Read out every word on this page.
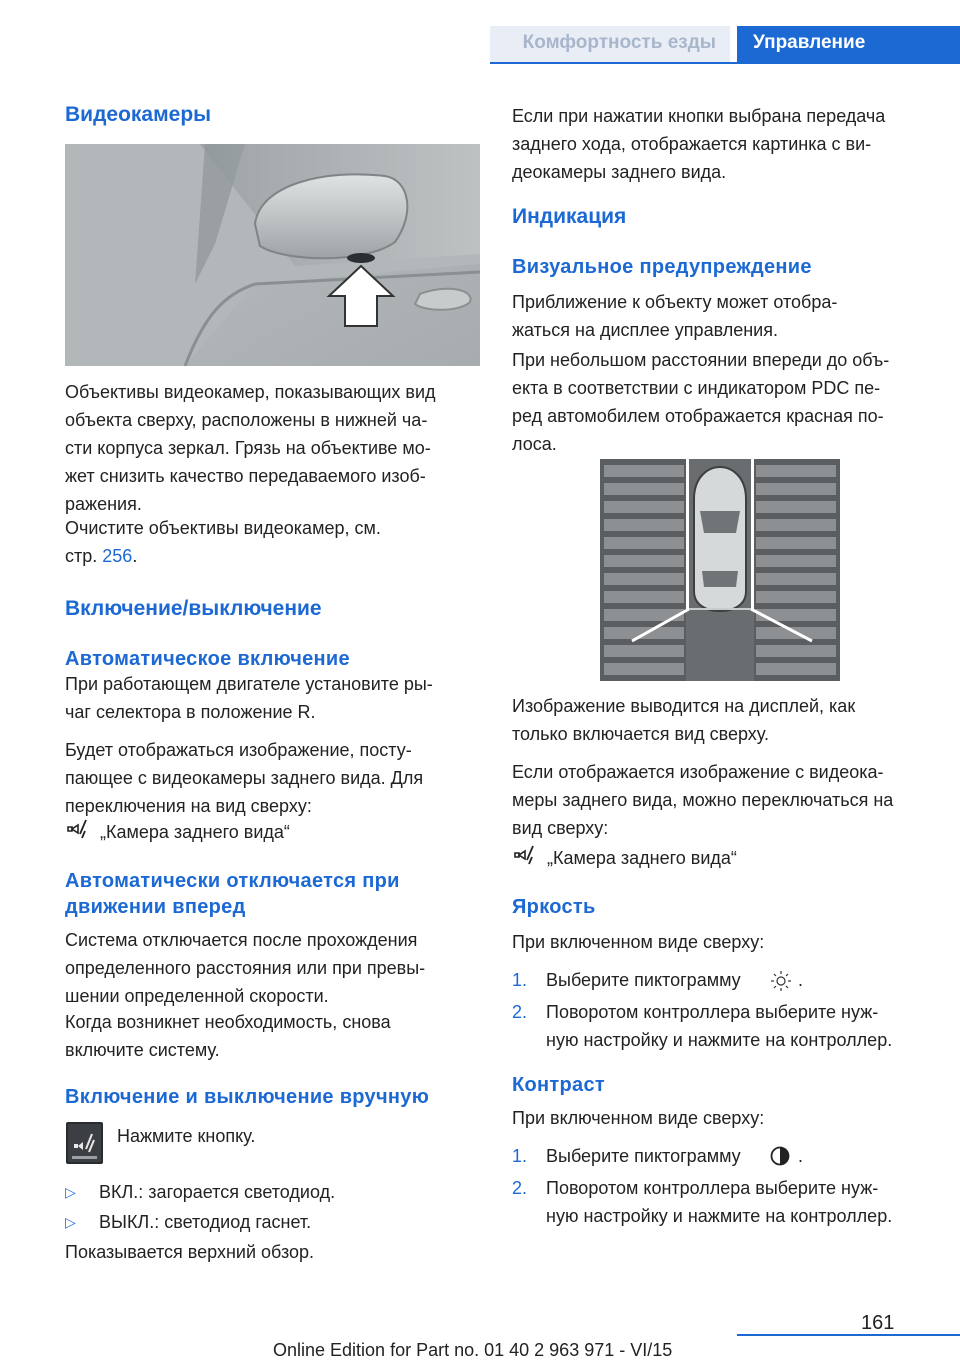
Комфортность езды Управление
Видеокамеры

Объективы видеокамер, показывающих вид

объекта сверху, расположены в нижней ча‐

сти корпуса зеркал. Грязь на объективе мо‐

жет снизить качество передаваемого изоб‐

ражения.

Очистите объективы видеокамер, см.

стр. 256.

Включение/выключение
Автоматическое включение

При работающем двигателе установите ры‐

чаг селектора в положение R.

Будет отображаться изображение, посту‐

пающее с видеокамеры заднего вида. Для

переключения на вид сверху:

„Камера заднего вида“
Автоматически отключается при
движении вперед

Система отключается после прохождения

определенного расстояния или при превы‐

шении определенной скорости.

Когда возникнет необходимость, снова

включите систему.

Включение и выключение вручную
Нажмите кнопку.
▷ ВКЛ.: загорается светодиод.
▷ ВЫКЛ.: светодиод гаснет.
Показывается верхний обзор.

Если при нажатии кнопки выбрана передача

заднего хода, отображается картинка с ви‐

деокамеры заднего вида.

Индикация
Визуальное предупреждение

Приближение к объекту может отобра‐

жаться на дисплее управления.

При небольшом расстоянии впереди до объ‐

екта в соответствии с индикатором PDC пе‐

ред автомобилем отображается красная по‐

лоса.

Изображение выводится на дисплей, как

только включается вид сверху.

Если отображается изображение с видеока‐

меры заднего вида, можно переключаться на

вид сверху:

„Камера заднего вида“
Яркость
При включенном виде сверху:
1. Выберите пиктограмму	.
2. Поворотом контроллера выберите нуж‐
ную настройку и нажмите на контроллер.
Контраст
При включенном виде сверху:
1. Выберите пиктограмму	.
2. Поворотом контроллера выберите нуж‐
ную настройку и нажмите на контроллер.
161
Online Edition for Part no. 01 40 2 963 971 - VI/15
